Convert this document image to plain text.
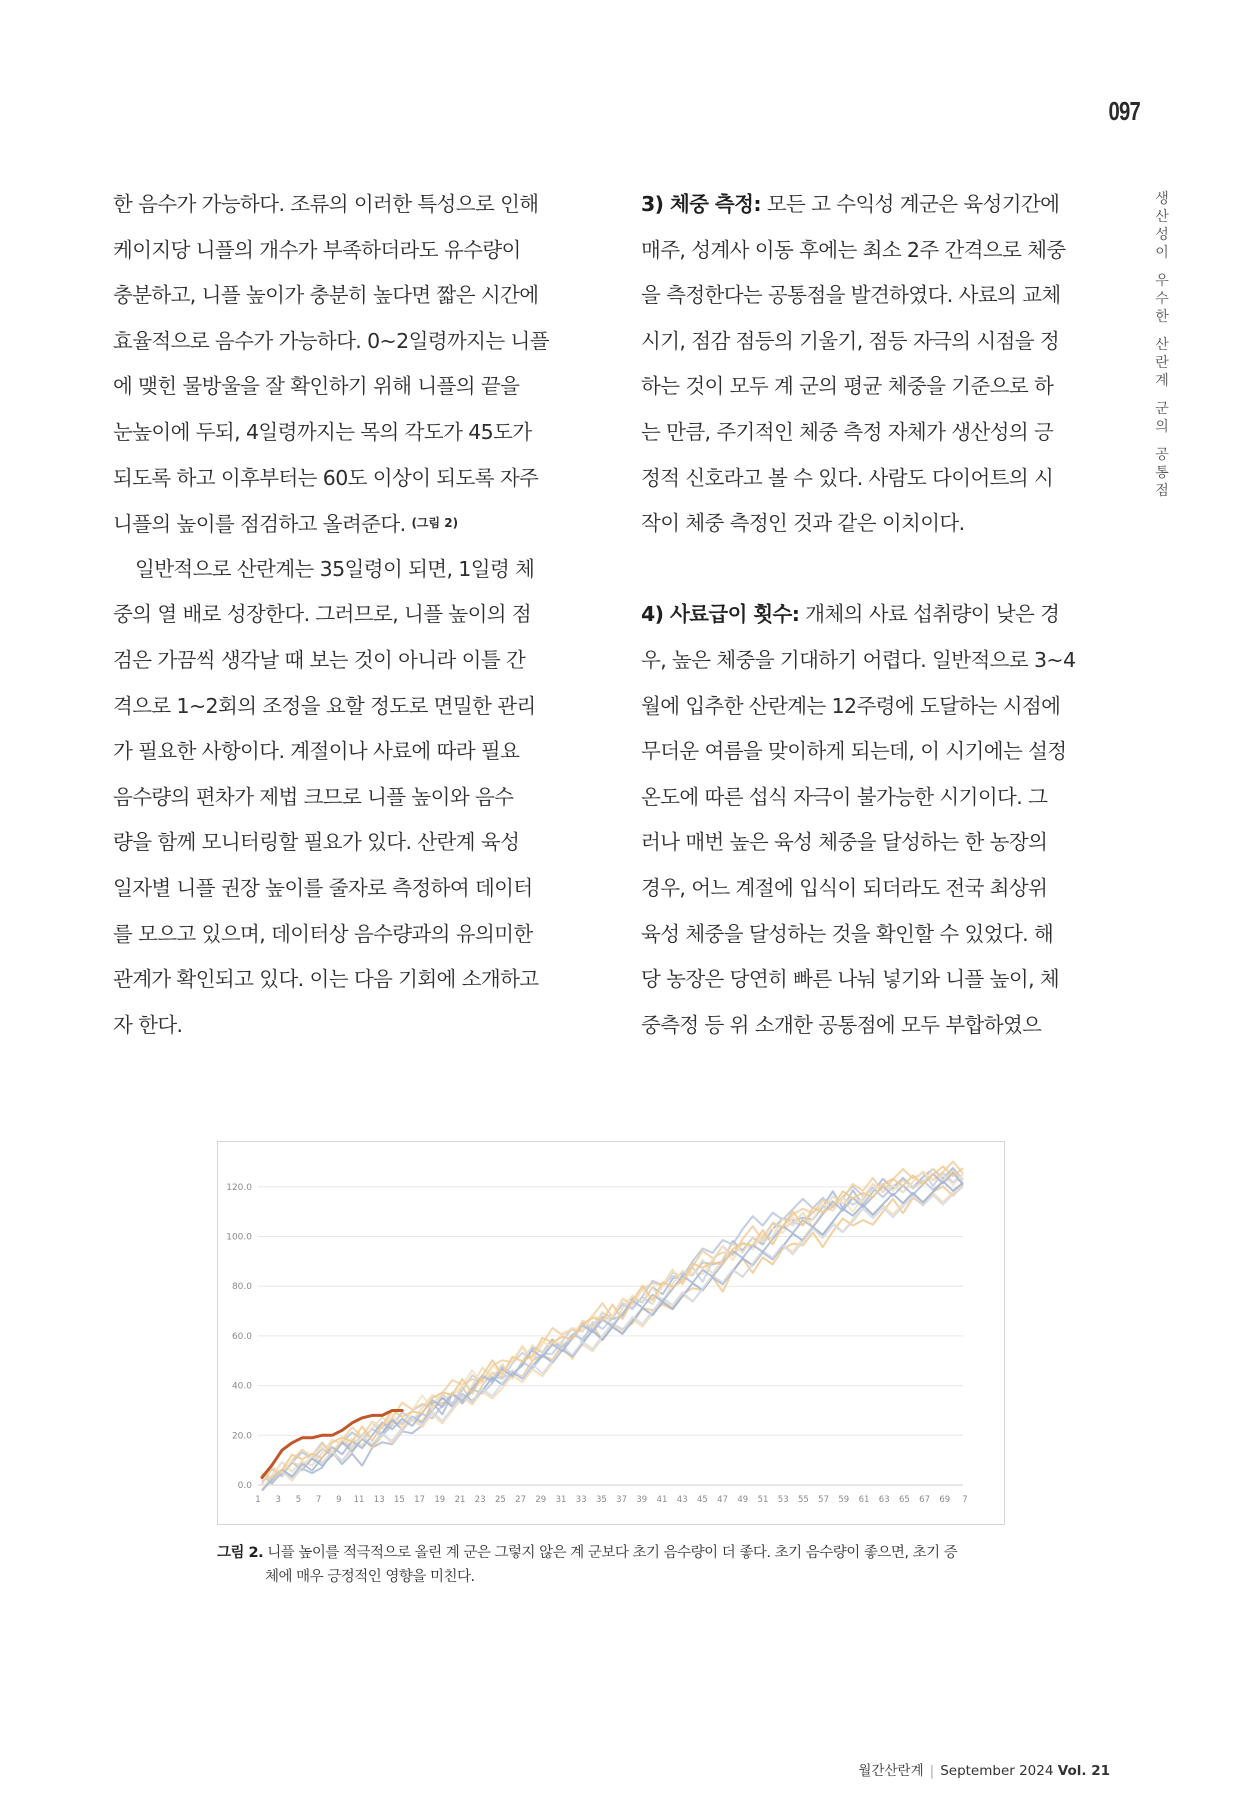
097
생
산
성
이

우
수
한

산
란
계

군
의

공
통
점
한 음수가 가능하다. 조류의 이러한 특성으로 인해
케이지당 니플의 개수가 부족하더라도 유수량이
충분하고, 니플 높이가 충분히 높다면 짧은 시간에
효율적으로 음수가 가능하다. 0~2일령까지는 니플
에 맺힌 물방울을 잘 확인하기 위해 니플의 끝을
눈높이에 두되, 4일령까지는 목의 각도가 45도가
되도록 하고 이후부터는 60도 이상이 되도록 자주
니플의 높이를 점검하고 올려준다. (그림 2)
일반적으로 산란계는 35일령이 되면, 1일령 체
중의 열 배로 성장한다. 그러므로, 니플 높이의 점
검은 가끔씩 생각날 때 보는 것이 아니라 이틀 간
격으로 1~2회의 조정을 요할 정도로 면밀한 관리
가 필요한 사항이다. 계절이나 사료에 따라 필요
음수량의 편차가 제법 크므로 니플 높이와 음수
량을 함께 모니터링할 필요가 있다. 산란계 육성
일자별 니플 권장 높이를 줄자로 측정하여 데이터
를 모으고 있으며, 데이터상 음수량과의 유의미한
관계가 확인되고 있다. 이는 다음 기회에 소개하고
자 한다.
3) 체중 측정: 모든 고 수익성 계군은 육성기간에
매주, 성계사 이동 후에는 최소 2주 간격으로 체중
을 측정한다는 공통점을 발견하였다. 사료의 교체
시기, 점감 점등의 기울기, 점등 자극의 시점을 정
하는 것이 모두 계 군의 평균 체중을 기준으로 하
는 만큼, 주기적인 체중 측정 자체가 생산성의 긍
정적 신호라고 볼 수 있다. 사람도 다이어트의 시
작이 체중 측정인 것과 같은 이치이다.
4) 사료급이 횟수: 개체의 사료 섭취량이 낮은 경
우, 높은 체중을 기대하기 어렵다. 일반적으로 3~4
월에 입추한 산란계는 12주령에 도달하는 시점에
무더운 여름을 맞이하게 되는데, 이 시기에는 설정
온도에 따른 섭식 자극이 불가능한 시기이다. 그
러나 매번 높은 육성 체중을 달성하는 한 농장의
경우, 어느 계절에 입식이 되더라도 전국 최상위
육성 체중을 달성하는 것을 확인할 수 있었다. 해
당 농장은 당연히 빠른 나눠 넣기와 니플 높이, 체
중측정 등 위 소개한 공통점에 모두 부합하였으
0.0
20.0
40.0
60.0
80.0
100.0
120.0
1 3 5 7 9 11 13 15 17 19 21 23 25 27 29 31 33 35 37 39 41 43 45 47 49 51 53 55 57 59 61 63 65 67 69 7
그림 2. 니플 높이를 적극적으로 올린 계 군은 그렇지 않은 계 군보다 초기 음수량이 더 좋다. 초기 음수량이 좋으면, 초기 증
체에 매우 긍정적인 영향을 미친다.
월간산란계 | September 2024 Vol. 21
